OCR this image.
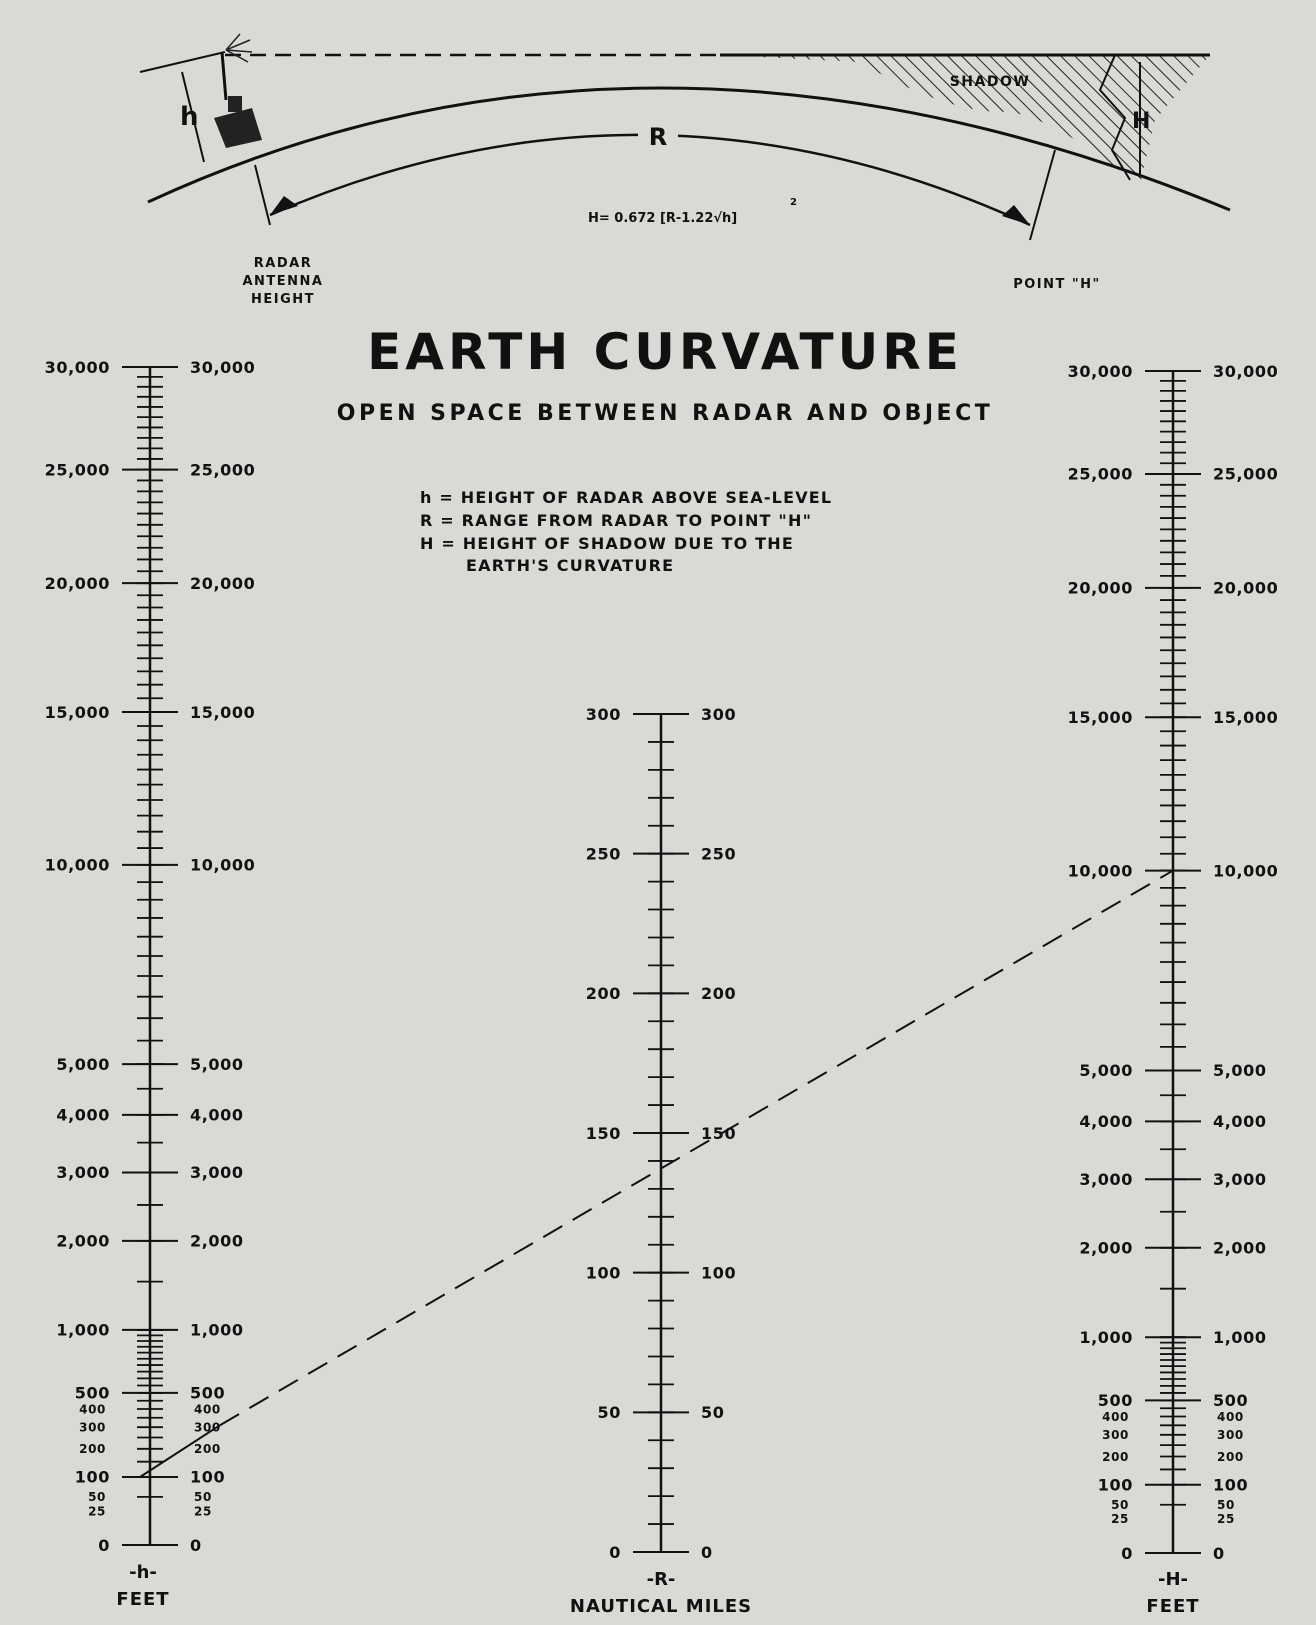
h
R
H
SHADOW
H= 0.672 [R-1.22√h]
2
RADAR
ANTENNA
HEIGHT
POINT "H"
EARTH CURVATURE
OPEN SPACE BETWEEN RADAR AND OBJECT
h = HEIGHT OF RADAR ABOVE SEA-LEVEL
R = RANGE FROM RADAR TO POINT "H"
H = HEIGHT OF SHADOW DUE TO THE
EARTH'S CURVATURE
0	0
25	25
50	50
100	100
200	200
300	300
400	400
500	500
1,000	1,000
2,000	2,000
3,000	3,000
4,000	4,000
5,000	5,000
10,000	10,000
15,000	15,000
20,000	20,000
25,000	25,000
30,000	30,000
0	0
50	50
100	100
150	150
200	200
250	250
300	300
0	0
25	25
50	50
100	100
200	200
300	300
400	400
500	500
1,000	1,000
2,000	2,000
3,000	3,000
4,000	4,000
5,000	5,000
10,000	10,000
15,000	15,000
20,000	20,000
25,000	25,000
30,000	30,000
-h-
FEET
-R-
NAUTICAL MILES
-H-
FEET
